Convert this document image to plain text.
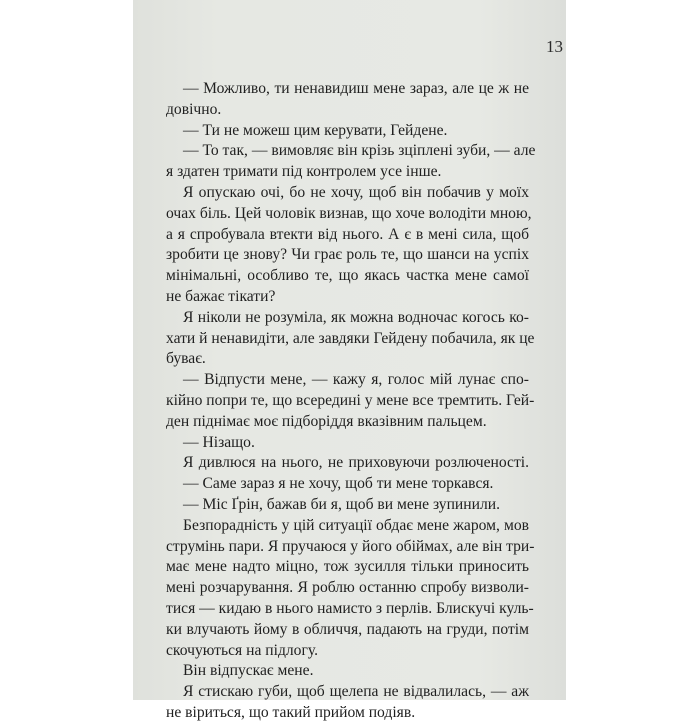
13
— Можливо, ти ненавидиш мене зараз, але це ж не
довічно.
— Ти не можеш цим керувати, Гейдене.
— То так, — вимовляє він крізь зціплені зуби, — але
я здатен тримати під контролем усе інше.
Я опускаю очі, бо не хочу, щоб він побачив у моїх
очах біль. Цей чоловік визнав, що хоче володіти мною,
а я спробувала втекти від нього. А є в мені сила, щоб
зробити це знову? Чи грає роль те, що шанси на успіх
мінімальні, особливо те, що якась частка мене самої
не бажає тікати?
Я ніколи не розуміла, як можна водночас когось ко-
хати й ненавидіти, але завдяки Гейдену побачила, як це
буває.
— Відпусти мене, — кажу я, голос мій лунає спо-
кійно попри те, що всередині у мене все тремтить. Гей-
ден піднімає моє підборіддя вказівним пальцем.
— Нізащо.
Я дивлюся на нього, не приховуючи розлюченості.
— Саме зараз я не хочу, щоб ти мене торкався.
— Міс Ґрін, бажав би я, щоб ви мене зупинили.
Безпорадність у цій ситуації обдає мене жаром, мов
струмінь пари. Я пручаюся у його обіймах, але він три-
має мене надто міцно, тож зусилля тільки приносить
мені розчарування. Я роблю останню спробу визволи-
тися — кидаю в нього намисто з перлів. Блискучі куль-
ки влучають йому в обличчя, падають на груди, потім
скочуються на підлогу.
Він відпускає мене.
Я стискаю губи, щоб щелепа не відвалилась, — аж
не віриться, що такий прийом подіяв.
